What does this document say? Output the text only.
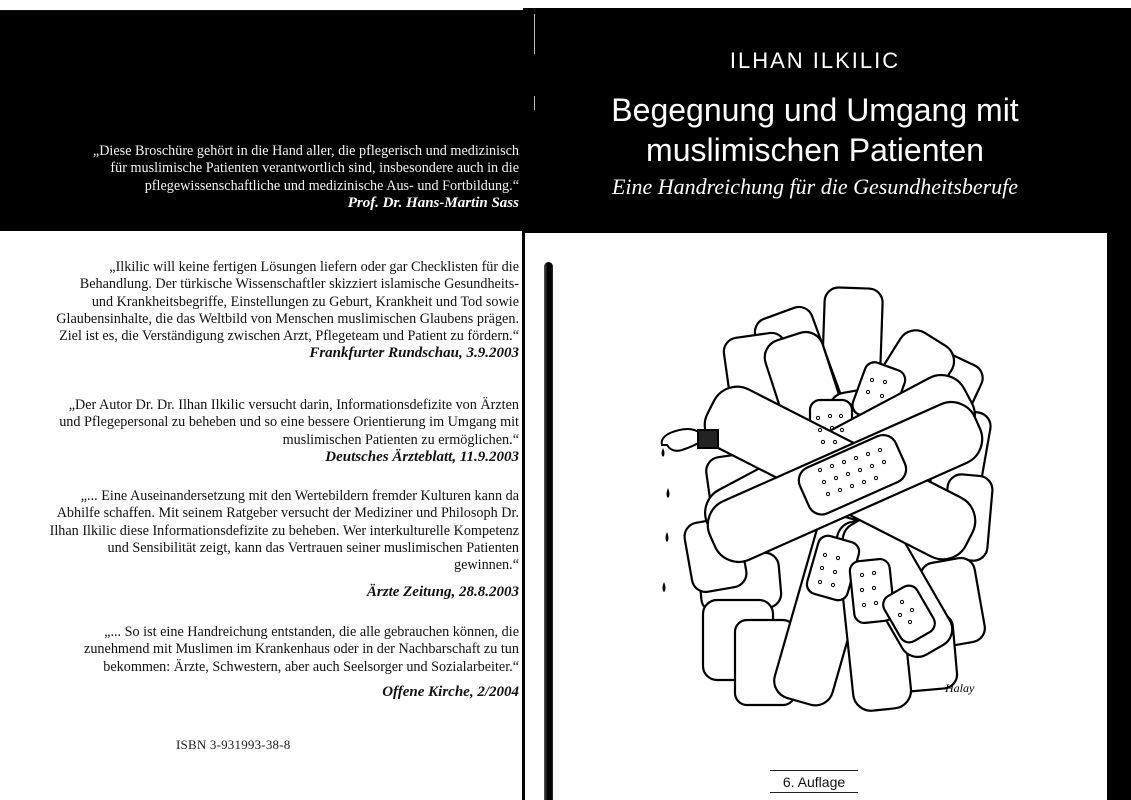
„Diese Broschüre gehört in die Hand aller, die pflegerisch und medizinisch
für muslimische Patienten verantwortlich sind, insbesondere auch in die
pflegewissenschaftliche und medizinische Aus- und Fortbildung.“
Prof. Dr. Hans-Martin Sass
„Ilkilic will keine fertigen Lösungen liefern oder gar Checklisten für die
Behandlung. Der türkische Wissenschaftler skizziert islamische Gesundheits-
und Krankheitsbegriffe, Einstellungen zu Geburt, Krankheit und Tod sowie
Glaubensinhalte, die das Weltbild von Menschen muslimischen Glaubens prägen.
Ziel ist es, die Verständigung zwischen Arzt, Pflegeteam und Patient zu fördern.“
Frankfurter Rundschau, 3.9.2003
„Der Autor Dr. Dr. Ilhan Ilkilic versucht darin, Informationsdefizite von Ärzten
und Pflegepersonal zu beheben und so eine bessere Orientierung im Umgang mit
muslimischen Patienten zu ermöglichen.“
Deutsches Ärzteblatt, 11.9.2003
„... Eine Auseinandersetzung mit den Wertebildern fremder Kulturen kann da
Abhilfe schaffen. Mit seinem Ratgeber versucht der Mediziner und Philosoph Dr.
Ilhan Ilkilic diese Informationsdefizite zu beheben. Wer interkulturelle Kompetenz
und Sensibilität zeigt, kann das Vertrauen seiner muslimischen Patienten
gewinnen.“
Ärzte Zeitung, 28.8.2003
„... So ist eine Handreichung entstanden, die alle gebrauchen können, die
zunehmend mit Muslimen im Krankenhaus oder in der Nachbarschaft zu tun
bekommen: Ärzte, Schwestern, aber auch Seelsorger und Sozialarbeiter.“
Offene Kirche, 2/2004
ISBN 3-931993-38-8
ILHAN ILKILIC
Begegnung und Umgang mit
muslimischen Patienten
Eine Handreichung für die Gesundheitsberufe
Halay
6. Auflage
